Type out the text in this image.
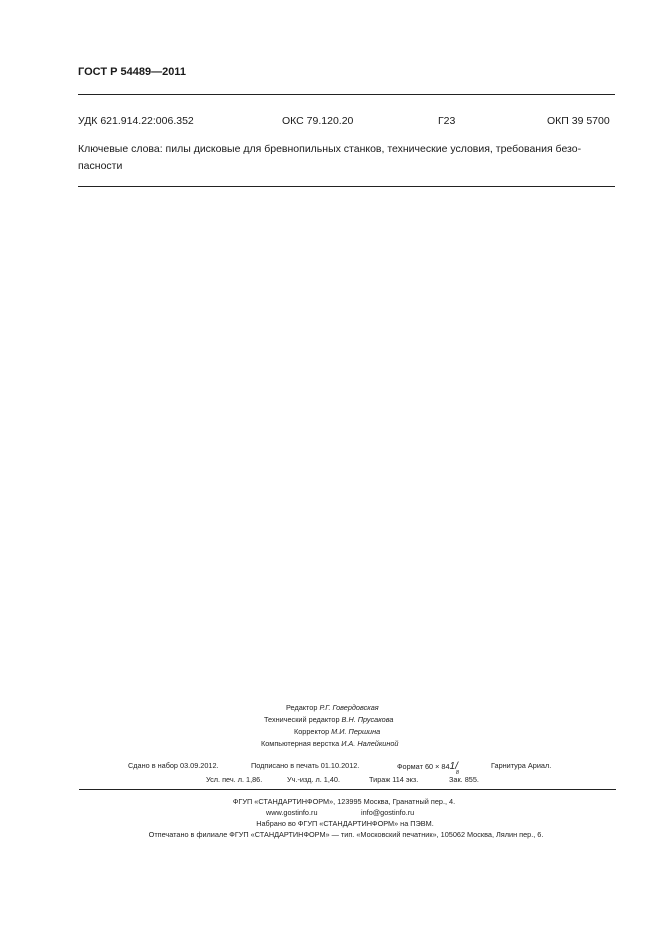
ГОСТ Р 54489—2011
УДК 621.914.22:006.352	ОКС 79.120.20	Г23	ОКП 39 5700
Ключевые слова: пилы дисковые для бревнопильных станков, технические условия, требования безо-
пасности
Редактор Р.Г. Говердовская
Технический редактор В.Н. Прусакова
Корректор М.И. Першина
Компьютерная верстка И.А. Налейкиной
Сдано в набор 03.09.2012.	Подписано в печать 01.10.2012.	Формат $60 \times 841/_8$
Гарнитура Ариал.
Усл. печ. л. 1,86.	Уч.-изд. л. 1,40.	Тираж 114 экз.	Зак. 855.
ФГУП «СТАНДАРТИНФОРМ», 123995 Москва, Гранатный пер., 4.
www.gostinfo.ru	info@gostinfo.ru
Набрано во ФГУП «СТАНДАРТИНФОРМ» на ПЭВМ.
Отпечатано в филиале ФГУП «СТАНДАРТИНФОРМ» — тип. «Московский печатник», 105062 Москва, Лялин пер., 6.
